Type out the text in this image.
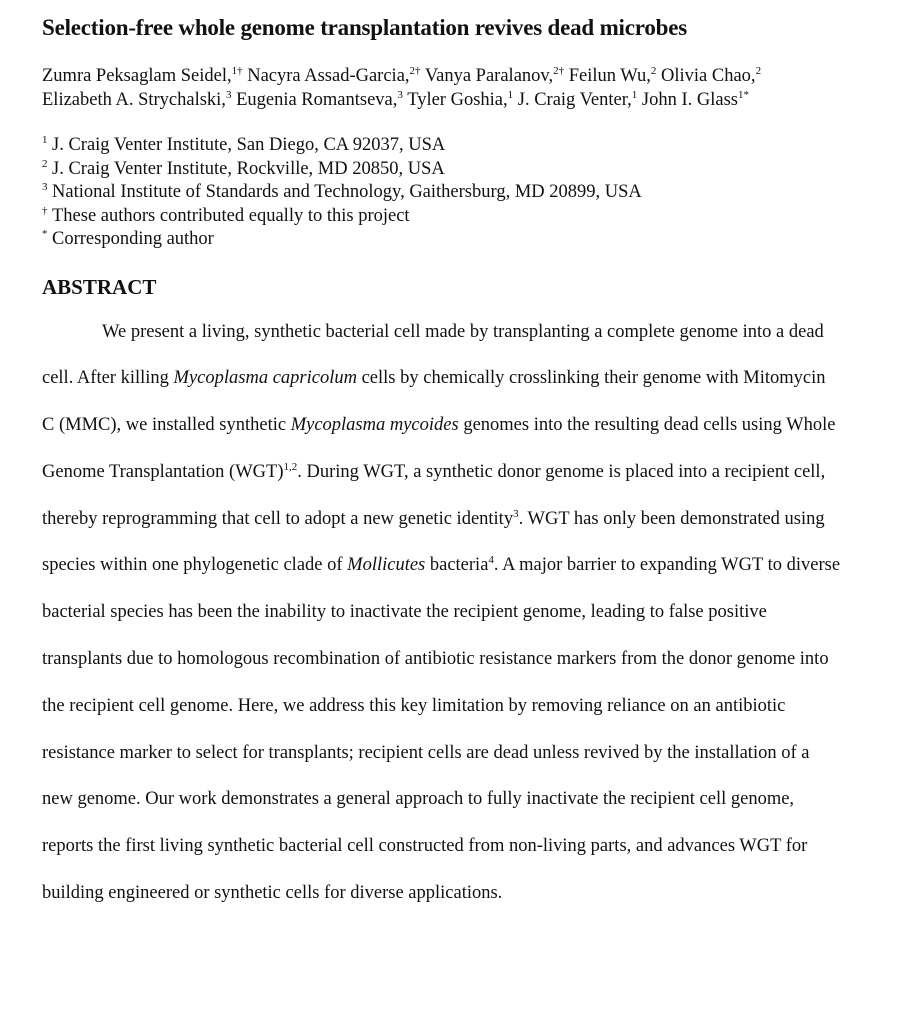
Selection-free whole genome transplantation revives dead microbes
Zumra Peksaglam Seidel,$^{1\dagger}$ Nacyra Assad-Garcia,$^{2\dagger}$ Vanya Paralanov,$^{2\dagger}$ Feilun Wu,$^2$ Olivia Chao,$^2$ Elizabeth A. Strychalski,$^3$ Eugenia Romantseva,$^3$ Tyler Goshia,$^1$ J. Craig Venter,$^1$ John I. Glass$^{1*}$
1 J. Craig Venter Institute, San Diego, CA 92037, USA
2 J. Craig Venter Institute, Rockville, MD 20850, USA
3 National Institute of Standards and Technology, Gaithersburg, MD 20899, USA
† These authors contributed equally to this project
* Corresponding author
ABSTRACT

We present a living, synthetic bacterial cell made by transplanting a complete genome into a dead cell. After killing Mycoplasma capricolum cells by chemically crosslinking their genome with Mitomycin C (MMC), we installed synthetic Mycoplasma mycoides genomes into the resulting dead cells using Whole Genome Transplantation (WGT)$^{1,2}$. During WGT, a synthetic donor genome is placed into a recipient cell, thereby reprogramming that cell to adopt a new genetic identity$^3$. WGT has only been demonstrated using species within one phylogenetic clade of Mollicutes bacteria$^4$. A major barrier to expanding WGT to diverse bacterial species has been the inability to inactivate the recipient genome, leading to false positive transplants due to homologous recombination of antibiotic resistance markers from the donor genome into the recipient cell genome. Here, we address this key limitation by removing reliance on an antibiotic resistance marker to select for transplants; recipient cells are dead unless revived by the installation of a new genome. Our work demonstrates a general approach to fully inactivate the recipient cell genome, reports the first living synthetic bacterial cell constructed from non-living parts, and advances WGT for building engineered or synthetic cells for diverse applications.
